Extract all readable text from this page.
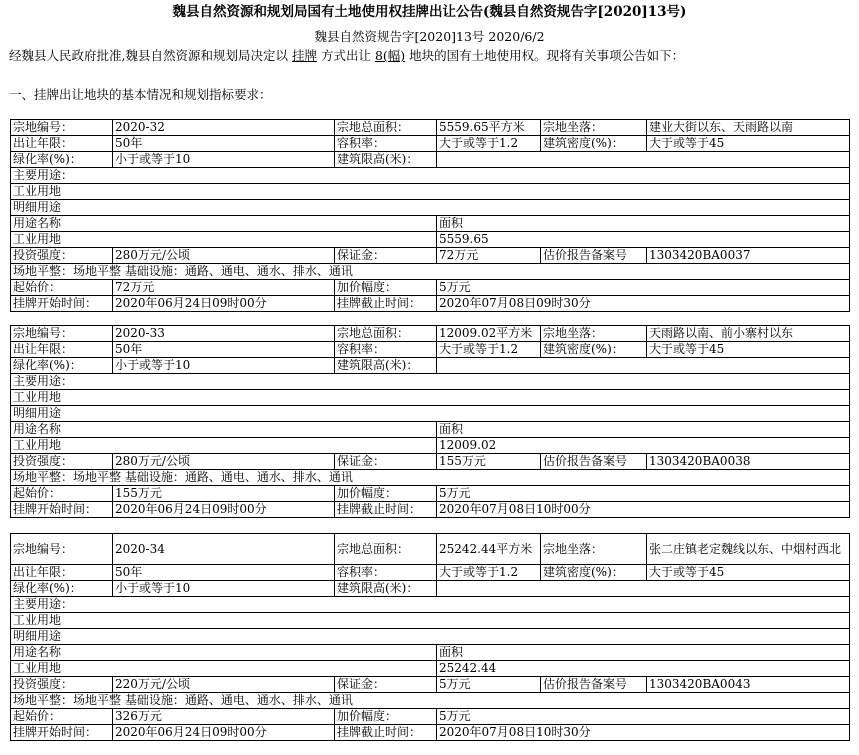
魏县自然资源和规划局国有土地使用权挂牌出让公告(魏县自然资规告字[2020]13号)
魏县自然资规告字[2020]13号 2020/6/2
经魏县人民政府批准,魏县自然资源和规划局决定以 挂牌 方式出让 8(幅) 地块的国有土地使用权。现将有关事项公告如下：
一、挂牌出让地块的基本情况和规划指标要求：
宗地编号：	2020-32	宗地总面积：	5559.65平方米	宗地坐落：	建业大街以东、天雨路以南
出让年限：	50年	容积率：	大于或等于1.2	建筑密度(%)：	大于或等于45
绿化率(%)：	小于或等于10	建筑限高(米)：			
主要用途：					
工业用地					
明细用途					
用途名称			面积		
工业用地			5559.65		
投资强度：	280万元/公顷	保证金：	72万元	估价报告备案号	1303420BA0037
场地平整：场地平整 基础设施：通路、通电、通水、排水、通讯					
起始价：	72万元	加价幅度：	5万元		
挂牌开始时间：	2020年06月24日09时00分	挂牌截止时间：	2020年07月08日09时30分		
宗地编号：	2020-33	宗地总面积：	12009.02平方米	宗地坐落：	天雨路以南、前小寨村以东
出让年限：	50年	容积率：	大于或等于1.2	建筑密度(%)：	大于或等于45
绿化率(%)：	小于或等于10	建筑限高(米)：			
主要用途：					
工业用地					
明细用途					
用途名称			面积		
工业用地			12009.02		
投资强度：	280万元/公顷	保证金：	155万元	估价报告备案号	1303420BA0038
场地平整：场地平整 基础设施：通路、通电、通水、排水、通讯					
起始价：	155万元	加价幅度：	5万元		
挂牌开始时间：	2020年06月24日09时00分	挂牌截止时间：	2020年07月08日10时00分		
宗地编号：	2020-34	宗地总面积：	25242.44平方米	宗地坐落：	张二庄镇老定魏线以东、中烟村西北
出让年限：	50年	容积率：	大于或等于1.2	建筑密度(%)：	大于或等于45
绿化率(%)：	小于或等于10	建筑限高(米)：			
主要用途：					
工业用地					
明细用途					
用途名称			面积		
工业用地			25242.44		
投资强度：	220万元/公顷	保证金：	5万元	估价报告备案号	1303420BA0043
场地平整：场地平整 基础设施：通路、通电、通水、排水、通讯					
起始价：	326万元	加价幅度：	5万元		
挂牌开始时间：	2020年06月24日09时00分	挂牌截止时间：	2020年07月08日10时30分		
